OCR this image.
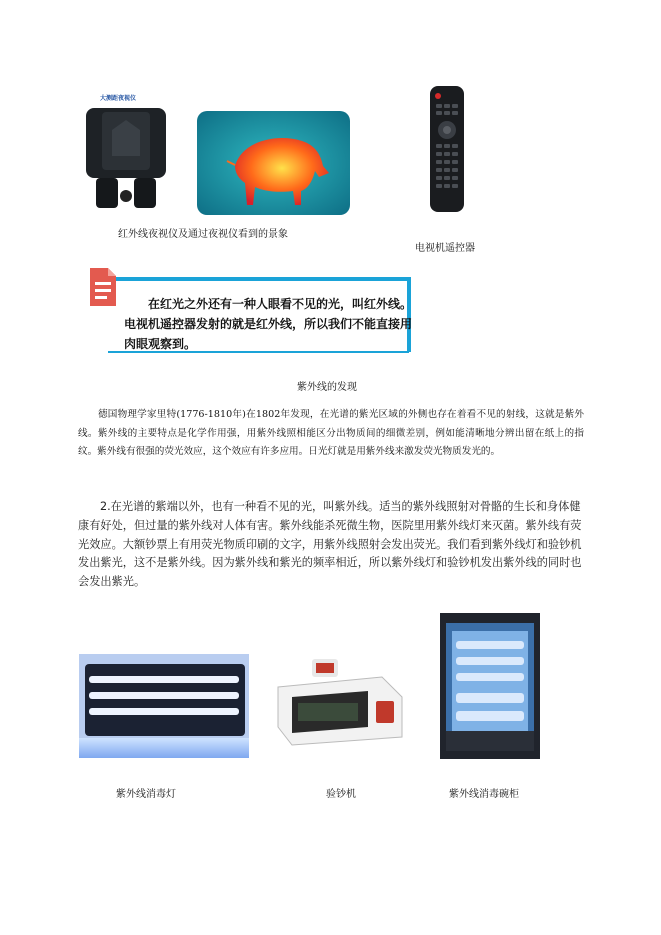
大测距夜视仪
红外线夜视仪及通过夜视仪看到的景象
电视机遥控器

在红光之外还有一种人眼看不见的光，叫红外线。
电视机遥控器发射的就是红外线，所以我们不能直接用
肉眼观察到。

紫外线的发现

德国物理学家里特(1776-1810年)在1802年发现，在光谱的紫光区域的外侧也存在着看不见的射线，这就是紫外线。紫外线的主要特点是化学作用强，用紫外线照相能区分出物质间的细微差别，例如能清晰地分辨出留在纸上的指纹。紫外线有很强的荧光效应，这个效应有许多应用。日光灯就是用紫外线来激发荧光物质发光的。

2.在光谱的紫端以外，也有一种看不见的光，叫紫外线。适当的紫外线照射对骨骼的生长和身体健康有好处，但过量的紫外线对人体有害。紫外线能杀死微生物，医院里用紫外线灯来灭菌。紫外线有荧光效应。大额钞票上有用荧光物质印刷的文字，用紫外线照射会发出荧光。我们看到紫外线灯和验钞机发出紫光，这不是紫外线。因为紫外线和紫光的频率相近，所以紫外线灯和验钞机发出紫外线的同时也会发出紫光。

紫外线消毒灯	验钞机	紫外线消毒碗柜
